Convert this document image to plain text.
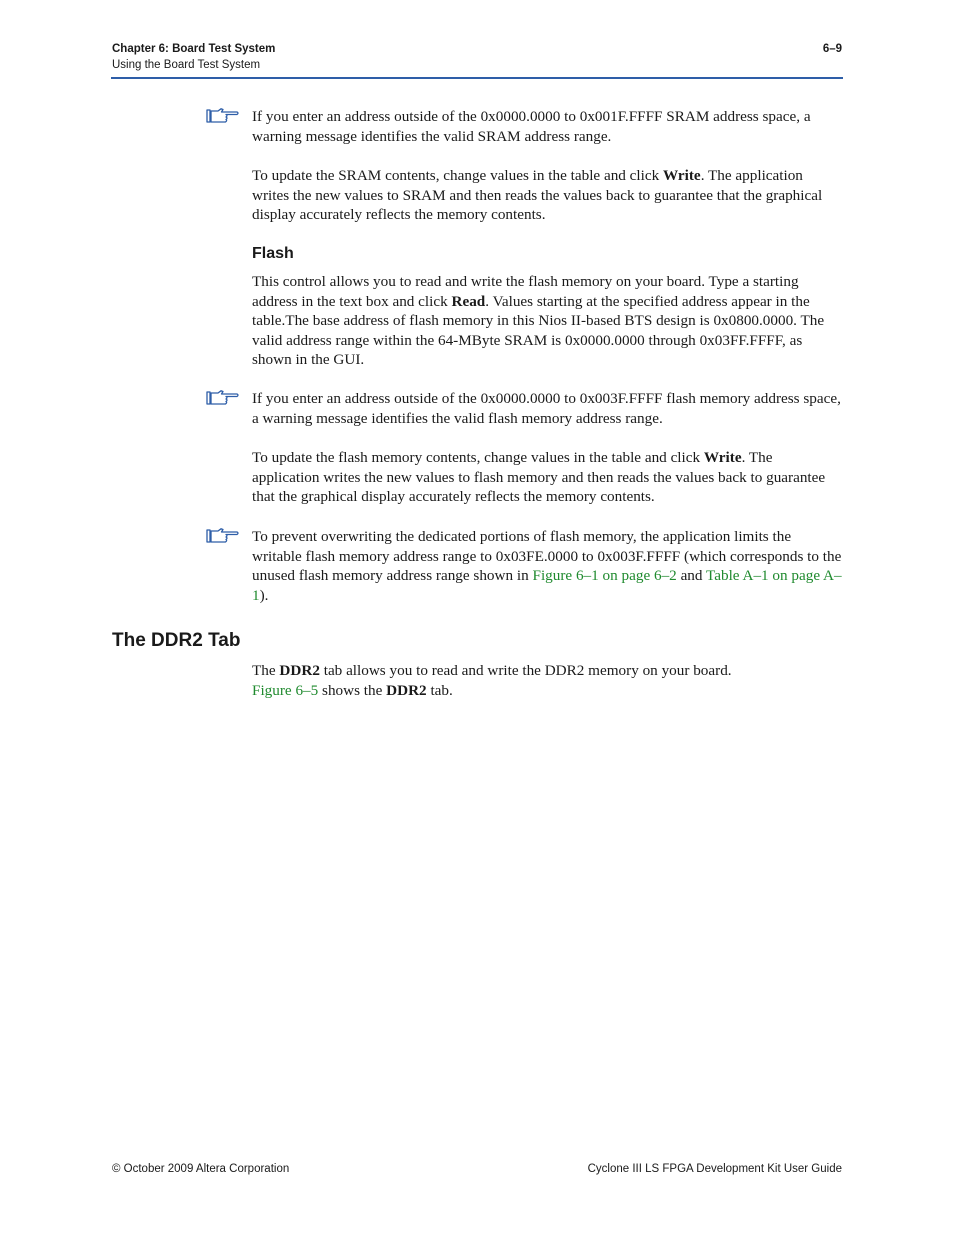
Chapter 6: Board Test System	6–9
Using the Board Test System

If you enter an address outside of the 0x0000.0000 to 0x001F.FFFF SRAM address space, a warning message identifies the valid SRAM address range.

To update the SRAM contents, change values in the table and click Write. The application writes the new values to SRAM and then reads the values back to guarantee that the graphical display accurately reflects the memory contents.

Flash

This control allows you to read and write the flash memory on your board. Type a starting address in the text box and click Read. Values starting at the specified address appear in the table.The base address of flash memory in this Nios II-based BTS design is 0x0800.0000. The valid address range within the 64-MByte SRAM is 0x0000.0000 through 0x03FF.FFFF, as shown in the GUI.

If you enter an address outside of the 0x0000.0000 to 0x003F.FFFF flash memory address space, a warning message identifies the valid flash memory address range.

To update the flash memory contents, change values in the table and click Write. The application writes the new values to flash memory and then reads the values back to guarantee that the graphical display accurately reflects the memory contents.

To prevent overwriting the dedicated portions of flash memory, the application limits the writable flash memory address range to 0x03FE.0000 to 0x003F.FFFF (which corresponds to the unused flash memory address range shown in Figure 6–1 on page 6–2 and Table A–1 on page A–1).

The DDR2 Tab

The DDR2 tab allows you to read and write the DDR2 memory on your board.
Figure 6–5 shows the DDR2 tab.

© October 2009 Altera Corporation	Cyclone III LS FPGA Development Kit User Guide
